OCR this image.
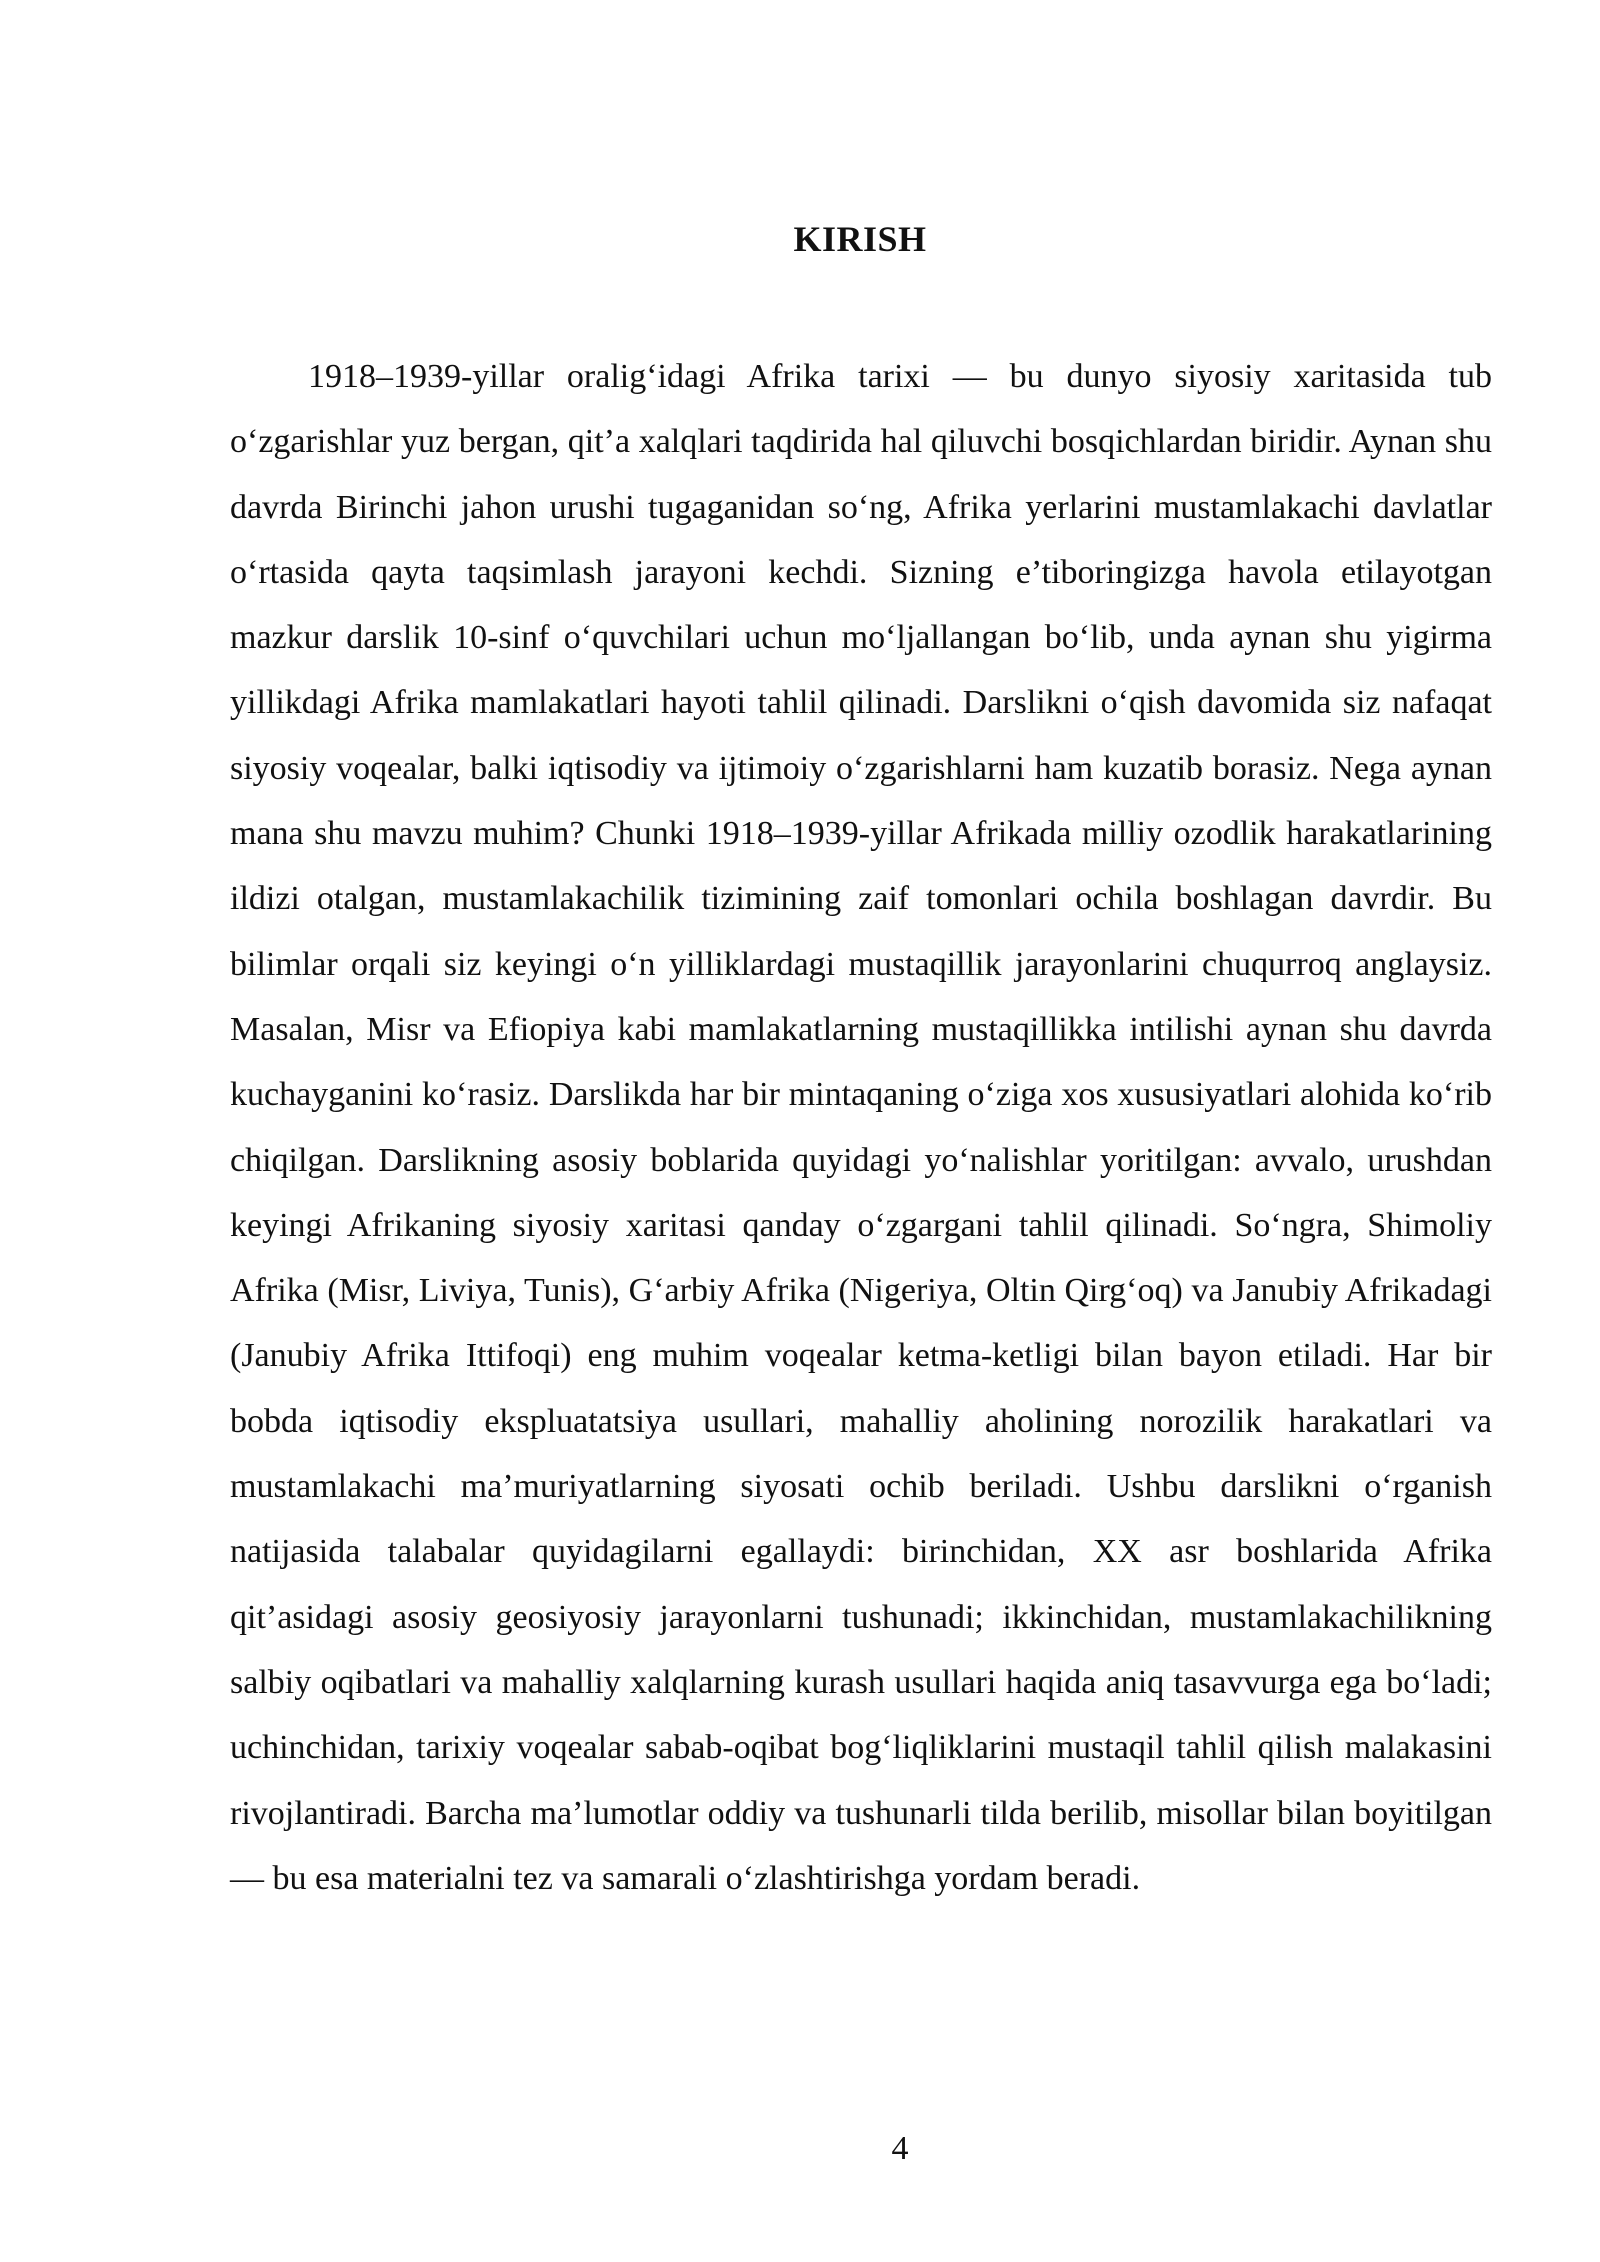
KIRISH

1918–1939-yillar oralig‘idagi Afrika tarixi — bu dunyo siyosiy xaritasida tub o‘zgarishlar yuz bergan, qit’a xalqlari taqdirida hal qiluvchi bosqichlardan biridir. Aynan shu davrda Birinchi jahon urushi tugaganidan so‘ng, Afrika yerlarini mustamlakachi davlatlar o‘rtasida qayta taqsimlash jarayoni kechdi. Sizning e’tiboringizga havola etilayotgan mazkur darslik 10-sinf o‘quvchilari uchun mo‘ljallangan bo‘lib, unda aynan shu yigirma yillikdagi Afrika mamlakatlari hayoti tahlil qilinadi. Darslikni o‘qish davomida siz nafaqat siyosiy voqealar, balki iqtisodiy va ijtimoiy o‘zgarishlarni ham kuzatib borasiz. Nega aynan mana shu mavzu muhim? Chunki 1918–1939-yillar Afrikada milliy ozodlik harakatlarining ildizi otalgan, mustamlakachilik tizimining zaif tomonlari ochila boshlagan davrdir. Bu bilimlar orqali siz keyingi o‘n yilliklardagi mustaqillik jarayonlarini chuqurroq anglaysiz. Masalan, Misr va Efiopiya kabi mamlakatlarning mustaqillikka intilishi aynan shu davrda kuchayganini ko‘rasiz. Darslikda har bir mintaqaning o‘ziga xos xususiyatlari alohida ko‘rib chiqilgan. Darslikning asosiy boblarida quyidagi yo‘nalishlar yoritilgan: avvalo, urushdan keyingi Afrikaning siyosiy xaritasi qanday o‘zgargani tahlil qilinadi. So‘ngra, Shimoliy Afrika (Misr, Liviya, Tunis), G‘arbiy Afrika (Nigeriya, Oltin Qirg‘oq) va Janubiy Afrikadagi (Janubiy Afrika Ittifoqi) eng muhim voqealar ketma-ketligi bilan bayon etiladi. Har bir bobda iqtisodiy ekspluatatsiya usullari, mahalliy aholining norozilik harakatlari va mustamlakachi ma’muriyatlarning siyosati ochib beriladi. Ushbu darslikni o‘rganish natijasida talabalar quyidagilarni egallaydi: birinchidan, XX asr boshlarida Afrika qit’asidagi asosiy geosiyosiy jarayonlarni tushunadi; ikkinchidan, mustamlakachilikning salbiy oqibatlari va mahalliy xalqlarning kurash usullari haqida aniq tasavvurga ega bo‘ladi; uchinchidan, tarixiy voqealar sabab-oqibat bog‘liqliklarini mustaqil tahlil qilish malakasini rivojlantiradi. Barcha ma’lumotlar oddiy va tushunarli tilda berilib, misollar bilan boyitilgan — bu esa materialni tez va samarali o‘zlashtirishga yordam beradi.

4
